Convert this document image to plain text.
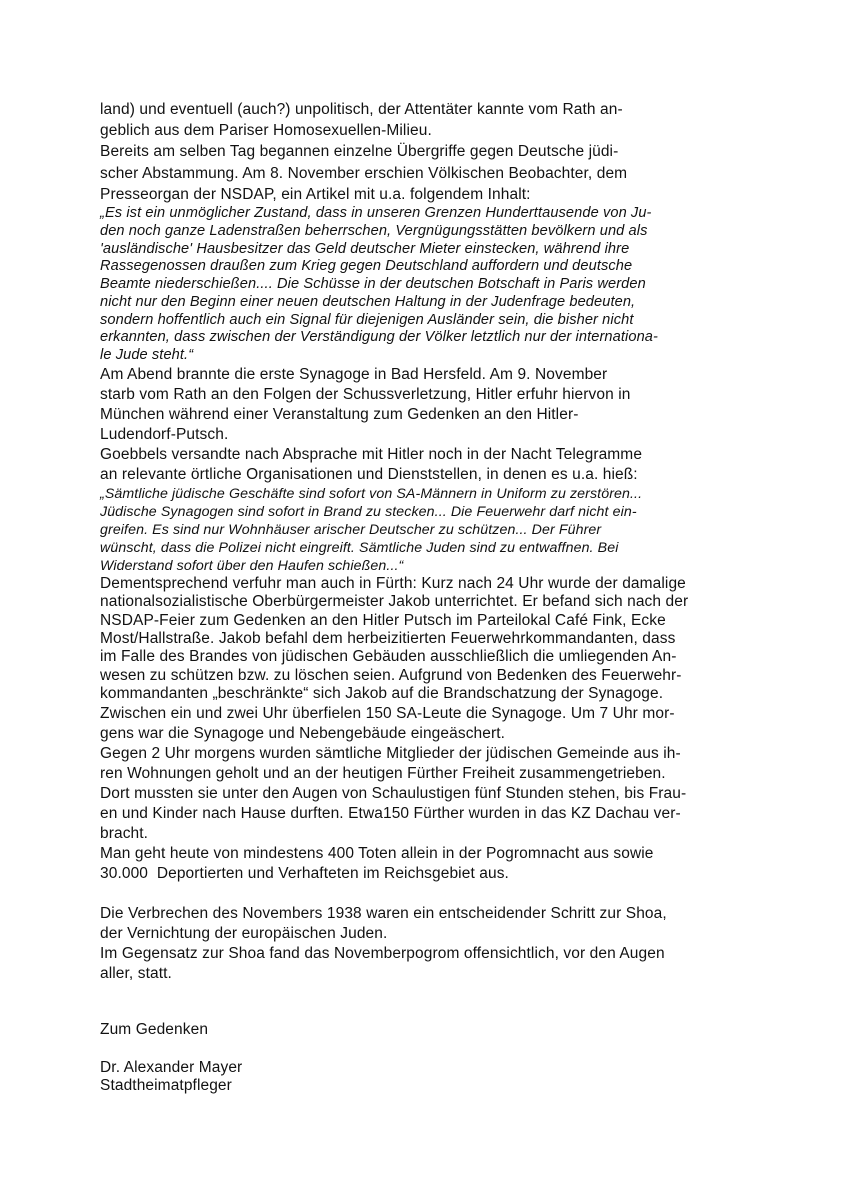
land) und eventuell (auch?) unpolitisch, der Attentäter kannte vom Rath an-
geblich aus dem Pariser Homosexuellen-Milieu.
Bereits am selben Tag begannen einzelne Übergriffe gegen Deutsche jüdi-
scher Abstammung. Am 8. November erschien Völkischen Beobachter, dem
Presseorgan der NSDAP, ein Artikel mit u.a. folgendem Inhalt:
„Es ist ein unmöglicher Zustand, dass in unseren Grenzen Hunderttausende von Ju-
den noch ganze Ladenstraßen beherrschen, Vergnügungsstätten bevölkern und als
'ausländische' Hausbesitzer das Geld deutscher Mieter einstecken, während ihre
Rassegenossen draußen zum Krieg gegen Deutschland auffordern und deutsche
Beamte niederschießen.... Die Schüsse in der deutschen Botschaft in Paris werden
nicht nur den Beginn einer neuen deutschen Haltung in der Judenfrage bedeuten,
sondern hoffentlich auch ein Signal für diejenigen Ausländer sein, die bisher nicht
erkannten, dass zwischen der Verständigung der Völker letztlich nur der internationa-
le Jude steht.“
Am Abend brannte die erste Synagoge in Bad Hersfeld. Am 9. November
starb vom Rath an den Folgen der Schussverletzung, Hitler erfuhr hiervon in
München während einer Veranstaltung zum Gedenken an den Hitler-
Ludendorf-Putsch.
Goebbels versandte nach Absprache mit Hitler noch in der Nacht Telegramme
an relevante örtliche Organisationen und Dienststellen, in denen es u.a. hieß:
„Sämtliche jüdische Geschäfte sind sofort von SA-Männern in Uniform zu zerstören...
Jüdische Synagogen sind sofort in Brand zu stecken... Die Feuerwehr darf nicht ein-
greifen. Es sind nur Wohnhäuser arischer Deutscher zu schützen... Der Führer
wünscht, dass die Polizei nicht eingreift. Sämtliche Juden sind zu entwaffnen. Bei
Widerstand sofort über den Haufen schießen...“
Dementsprechend verfuhr man auch in Fürth: Kurz nach 24 Uhr wurde der damalige
nationalsozialistische Oberbürgermeister Jakob unterrichtet. Er befand sich nach der
NSDAP-Feier zum Gedenken an den Hitler Putsch im Parteilokal Café Fink, Ecke
Most/Hallstraße. Jakob befahl dem herbeizitierten Feuerwehrkommandanten, dass
im Falle des Brandes von jüdischen Gebäuden ausschließlich die umliegenden An-
wesen zu schützen bzw. zu löschen seien. Aufgrund von Bedenken des Feuerwehr-
kommandanten „beschränkte“ sich Jakob auf die Brandschatzung der Synagoge.
Zwischen ein und zwei Uhr überfielen 150 SA-Leute die Synagoge. Um 7 Uhr mor-
gens war die Synagoge und Nebengebäude eingeäschert.
Gegen 2 Uhr morgens wurden sämtliche Mitglieder der jüdischen Gemeinde aus ih-
ren Wohnungen geholt und an der heutigen Fürther Freiheit zusammengetrieben.
Dort mussten sie unter den Augen von Schaulustigen fünf Stunden stehen, bis Frau-
en und Kinder nach Hause durften. Etwa150 Fürther wurden in das KZ Dachau ver-
bracht.
Man geht heute von mindestens 400 Toten allein in der Pogromnacht aus sowie
30.000  Deportierten und Verhafteten im Reichsgebiet aus.
Die Verbrechen des Novembers 1938 waren ein entscheidender Schritt zur Shoa,
der Vernichtung der europäischen Juden.
Im Gegensatz zur Shoa fand das Novemberpogrom offensichtlich, vor den Augen
aller, statt.
Zum Gedenken
Dr. Alexander Mayer
Stadtheimatpfleger
